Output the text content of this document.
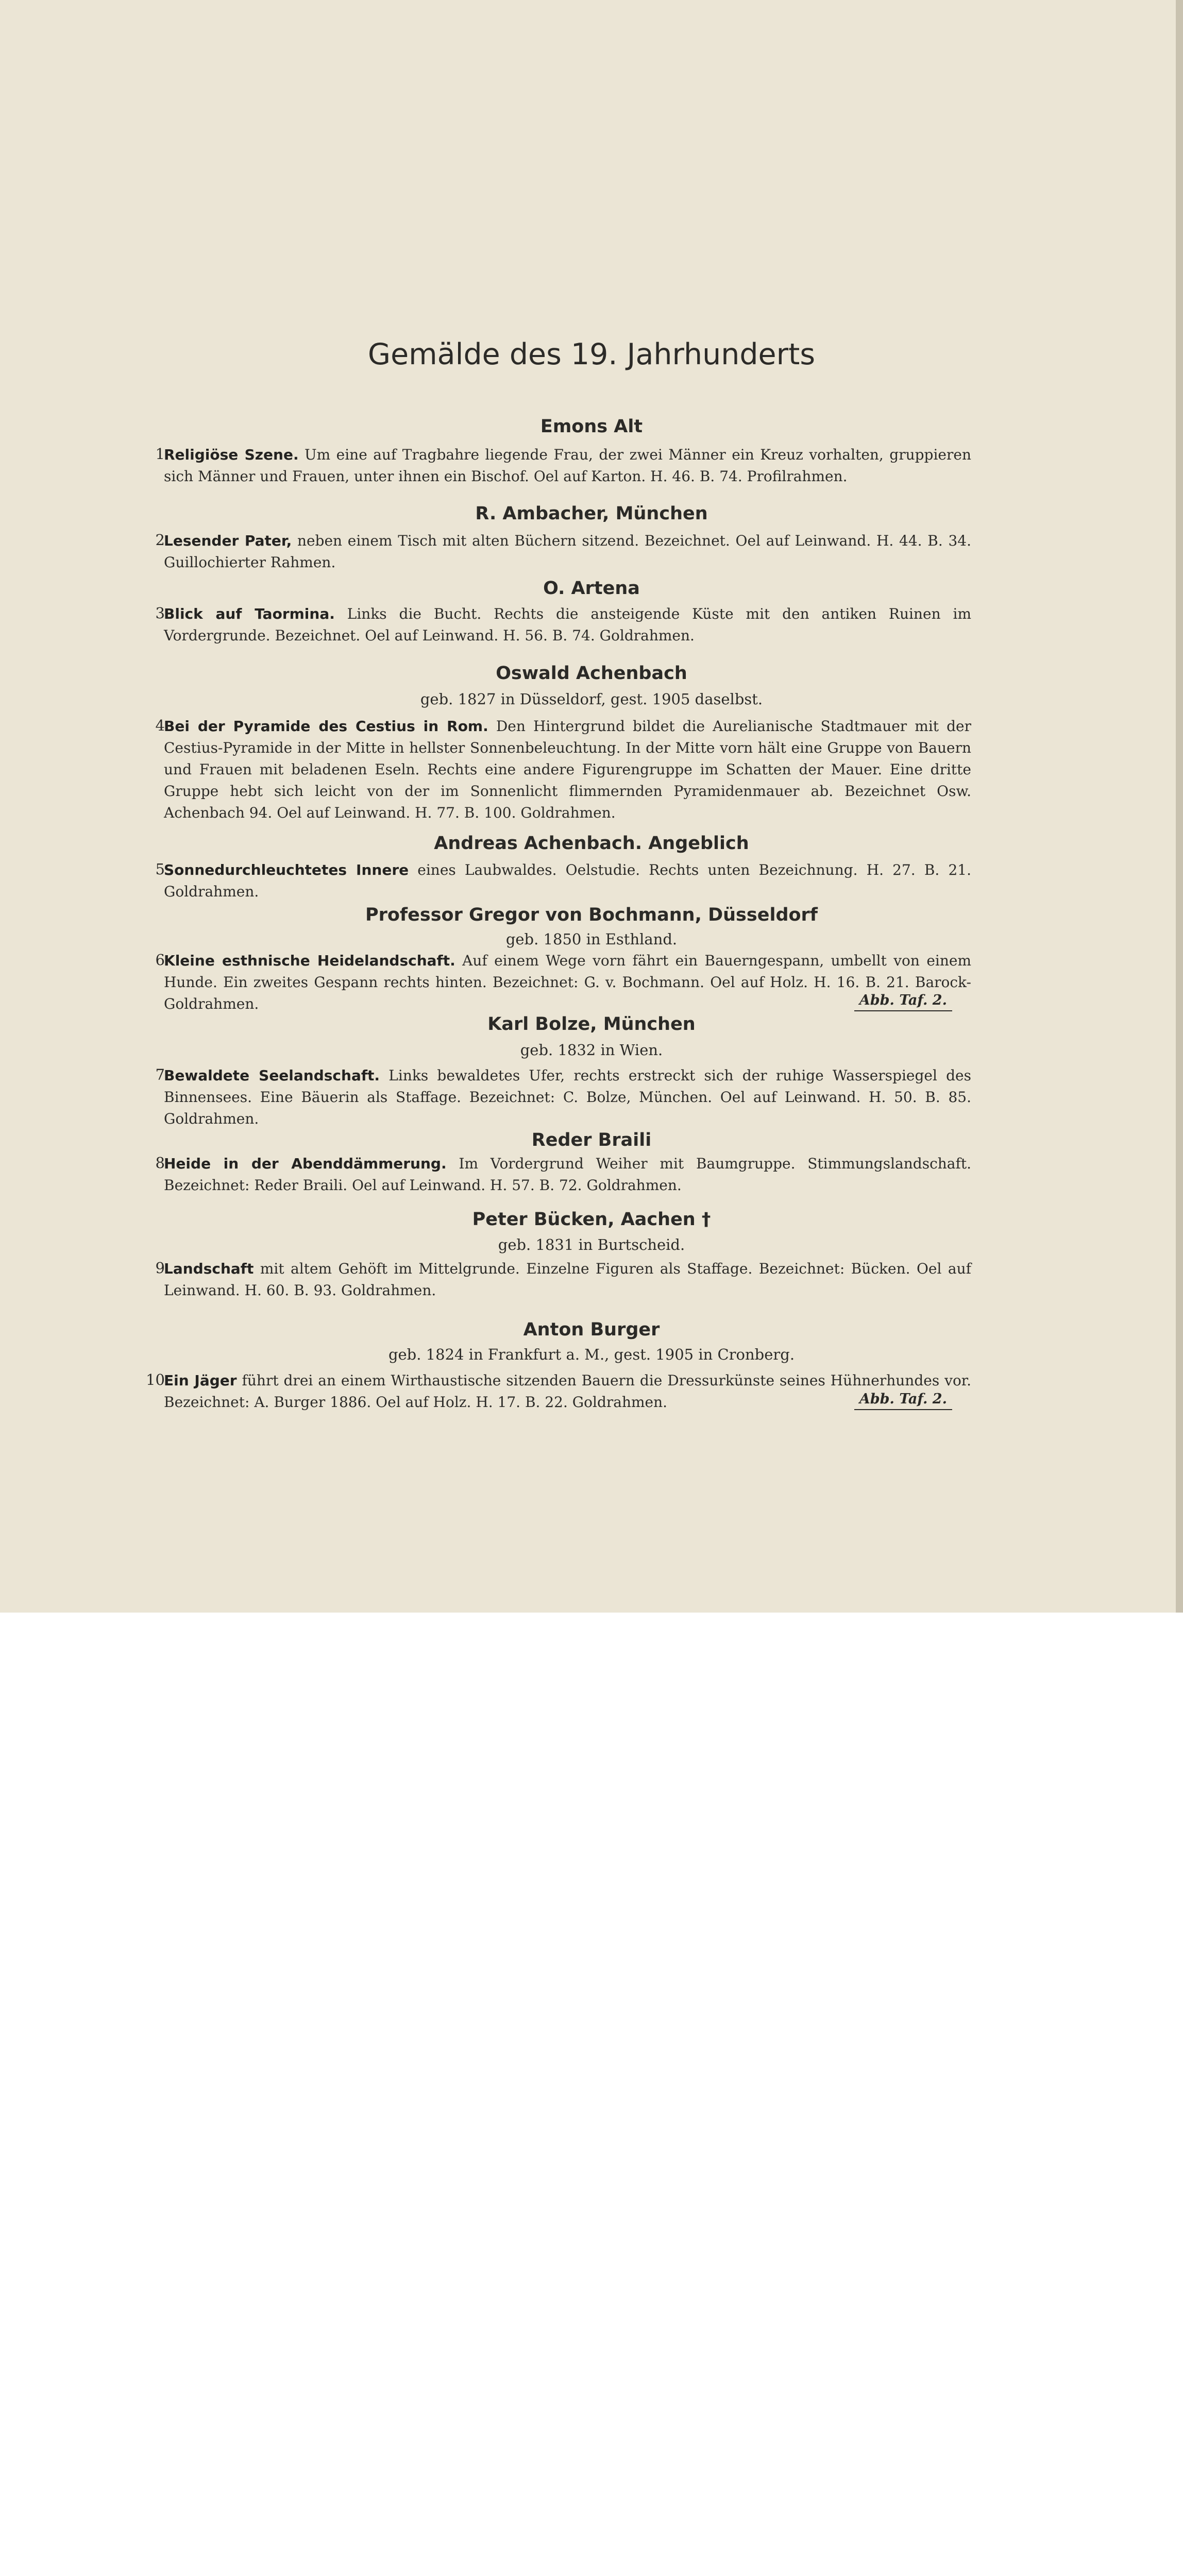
Gemälde des 19. Jahrhunderts
Emons Alt
1
Religiöse Szene. Um eine auf Tragbahre liegende Frau, der zwei Männer ein Kreuz vorhalten, gruppieren sich Männer und Frauen, unter ihnen ein Bischof. Oel auf Karton. H. 46. B. 74. Profilrahmen.
R. Ambacher, München
2
Lesender Pater, neben einem Tisch mit alten Büchern sitzend. Bezeichnet. Oel auf Leinwand. H. 44. B. 34. Guillochierter Rahmen.
O. Artena
3
Blick auf Taormina. Links die Bucht. Rechts die ansteigende Küste mit den antiken Ruinen im Vordergrunde. Bezeichnet. Oel auf Leinwand. H. 56. B. 74. Goldrahmen.
Oswald Achenbach
geb. 1827 in Düsseldorf, gest. 1905 daselbst.
4
Bei der Pyramide des Cestius in Rom. Den Hintergrund bildet die Aurelianische Stadtmauer mit der Cestius-Pyramide in der Mitte in hellster Sonnenbeleuchtung. In der Mitte vorn hält eine Gruppe von Bauern und Frauen mit beladenen Eseln. Rechts eine andere Figurengruppe im Schatten der Mauer. Eine dritte Gruppe hebt sich leicht von der im Sonnenlicht flimmernden Pyramidenmauer ab. Bezeichnet Osw. Achenbach 94. Oel auf Leinwand. H. 77. B. 100. Goldrahmen.
Andreas Achenbach. Angeblich
5
Sonnedurchleuchtetes Innere eines Laubwaldes. Oelstudie. Rechts unten Bezeichnung. H. 27. B. 21. Goldrahmen.
Professor Gregor von Bochmann, Düsseldorf
geb. 1850 in Esthland.
6
Kleine esthnische Heidelandschaft. Auf einem Wege vorn fährt ein Bauerngespann, umbellt von einem Hunde. Ein zweites Gespann rechts hinten. Bezeichnet: G. v. Bochmann. Oel auf Holz. H. 16. B. 21. Barock-Goldrahmen.	Abb. Taf. 2.
Karl Bolze, München
geb. 1832 in Wien.
7
Bewaldete Seelandschaft. Links bewaldetes Ufer, rechts erstreckt sich der ruhige Wasserspiegel des Binnensees. Eine Bäuerin als Staffage. Bezeichnet: C. Bolze, München. Oel auf Leinwand. H. 50. B. 85. Goldrahmen.
Reder Braili
8
Heide in der Abenddämmerung. Im Vordergrund Weiher mit Baumgruppe. Stimmungslandschaft. Bezeichnet: Reder Braili. Oel auf Leinwand. H. 57. B. 72. Goldrahmen.
Peter Bücken, Aachen †
geb. 1831 in Burtscheid.
9
Landschaft mit altem Gehöft im Mittelgrunde. Einzelne Figuren als Staffage. Bezeichnet: Bücken. Oel auf Leinwand. H. 60. B. 93. Goldrahmen.
Anton Burger
geb. 1824 in Frankfurt a. M., gest. 1905 in Cronberg.
10
Ein Jäger führt drei an einem Wirthaustische sitzenden Bauern die Dressurkünste seines Hühnerhundes vor. Bezeichnet: A. Burger 1886. Oel auf Holz. H. 17. B. 22. Goldrahmen.	Abb. Taf. 2.
